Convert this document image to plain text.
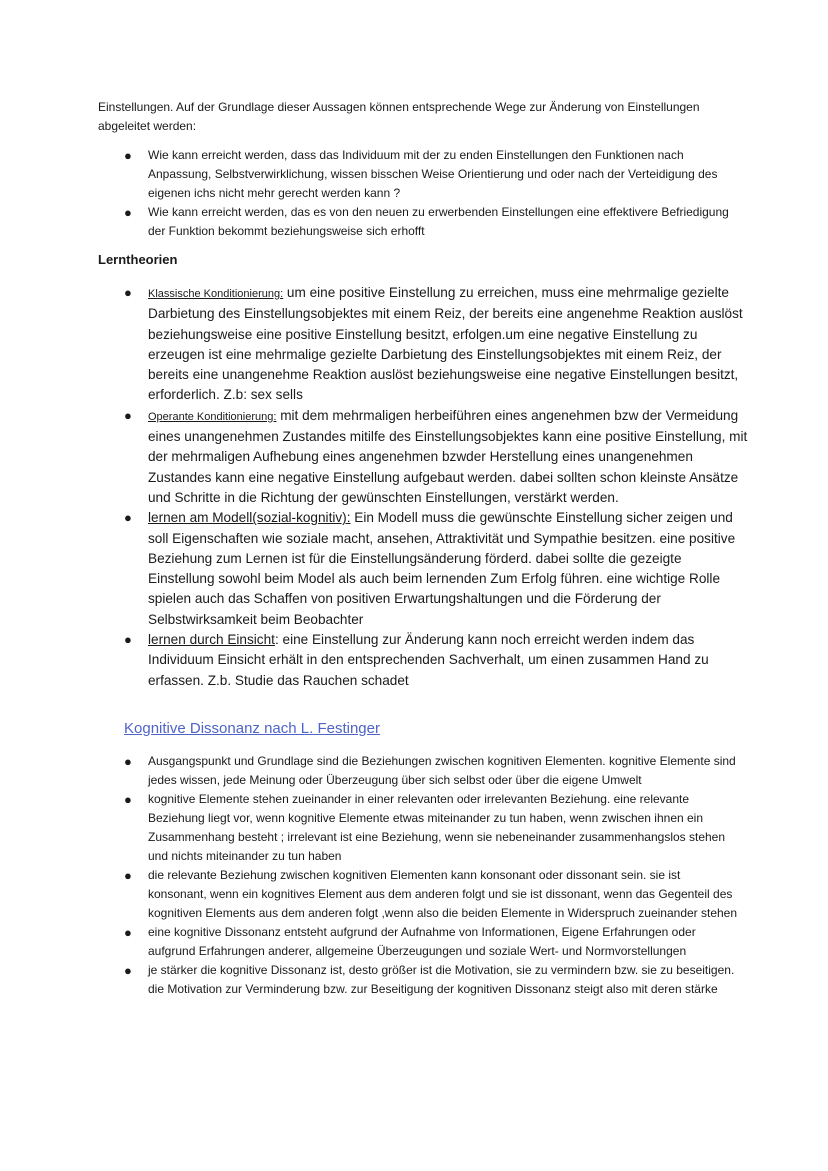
Einstellungen. Auf der Grundlage dieser Aussagen können entsprechende Wege zur Änderung von Einstellungen abgeleitet werden:

● Wie kann erreicht werden, dass das Individuum mit der zu enden Einstellungen den Funktionen nach Anpassung, Selbstverwirklichung, wissen bisschen Weise Orientierung und oder nach der Verteidigung des eigenen ichs nicht mehr gerecht werden kann ?
● Wie kann erreicht werden, das es von den neuen zu erwerbenden Einstellungen eine effektivere Befriedigung der Funktion bekommt beziehungsweise sich erhofft
Lerntheorien
● Klassische Konditionierung: um eine positive Einstellung zu erreichen, muss eine mehrmalige gezielte Darbietung des Einstellungsobjektes mit einem Reiz, der bereits eine angenehme Reaktion auslöst beziehungsweise eine positive Einstellung besitzt, erfolgen.um eine negative Einstellung zu erzeugen ist eine mehrmalige gezielte Darbietung des Einstellungsobjektes mit einem Reiz, der bereits eine unangenehme Reaktion auslöst beziehungsweise eine negative Einstellungen besitzt, erforderlich. Z.b: sex sells
● Operante Konditionierung: mit dem mehrmaligen herbeiführen eines angenehmen bzw der Vermeidung eines unangenehmen Zustandes mitilfe des Einstellungsobjektes kann eine positive Einstellung, mit der mehrmaligen Aufhebung eines angenehmen bzwder Herstellung eines unangenehmen Zustandes kann eine negative Einstellung aufgebaut werden. dabei sollten schon kleinste Ansätze und Schritte in die Richtung der gewünschten Einstellungen, verstärkt werden.
● lernen am Modell(sozial-kognitiv): Ein Modell muss die gewünschte Einstellung sicher zeigen und soll Eigenschaften wie soziale macht, ansehen, Attraktivität und Sympathie besitzen. eine positive Beziehung zum Lernen ist für die Einstellungsänderung förderd. dabei sollte die gezeigte Einstellung sowohl beim Model als auch beim lernenden Zum Erfolg führen. eine wichtige Rolle spielen auch das Schaffen von positiven Erwartungshaltungen und die Förderung der Selbstwirksamkeit beim Beobachter
● lernen durch Einsicht: eine Einstellung zur Änderung kann noch erreicht werden indem das Individuum Einsicht erhält in den entsprechenden Sachverhalt, um einen zusammen Hand zu erfassen. Z.b. Studie das Rauchen schadet
Kognitive Dissonanz nach L. Festinger
● Ausgangspunkt und Grundlage sind die Beziehungen zwischen kognitiven Elementen. kognitive Elemente sind jedes wissen, jede Meinung oder Überzeugung über sich selbst oder über die eigene Umwelt
● kognitive Elemente stehen zueinander in einer relevanten oder irrelevanten Beziehung. eine relevante Beziehung liegt vor, wenn kognitive Elemente etwas miteinander zu tun haben, wenn zwischen ihnen ein Zusammenhang besteht ; irrelevant ist eine Beziehung, wenn sie nebeneinander zusammenhangslos stehen und nichts miteinander zu tun haben
● die relevante Beziehung zwischen kognitiven Elementen kann konsonant oder dissonant sein. sie ist konsonant, wenn ein kognitives Element aus dem anderen folgt und sie ist dissonant, wenn das Gegenteil des kognitiven Elements aus dem anderen folgt ,wenn also die beiden Elemente in Widerspruch zueinander stehen
● eine kognitive Dissonanz entsteht aufgrund der Aufnahme von Informationen, Eigene Erfahrungen oder aufgrund Erfahrungen anderer, allgemeine Überzeugungen und soziale Wert- und Normvorstellungen
● je stärker die kognitive Dissonanz ist, desto größer ist die Motivation, sie zu vermindern bzw. sie zu beseitigen. die Motivation zur Verminderung bzw. zur Beseitigung der kognitiven Dissonanz steigt also mit deren stärke
